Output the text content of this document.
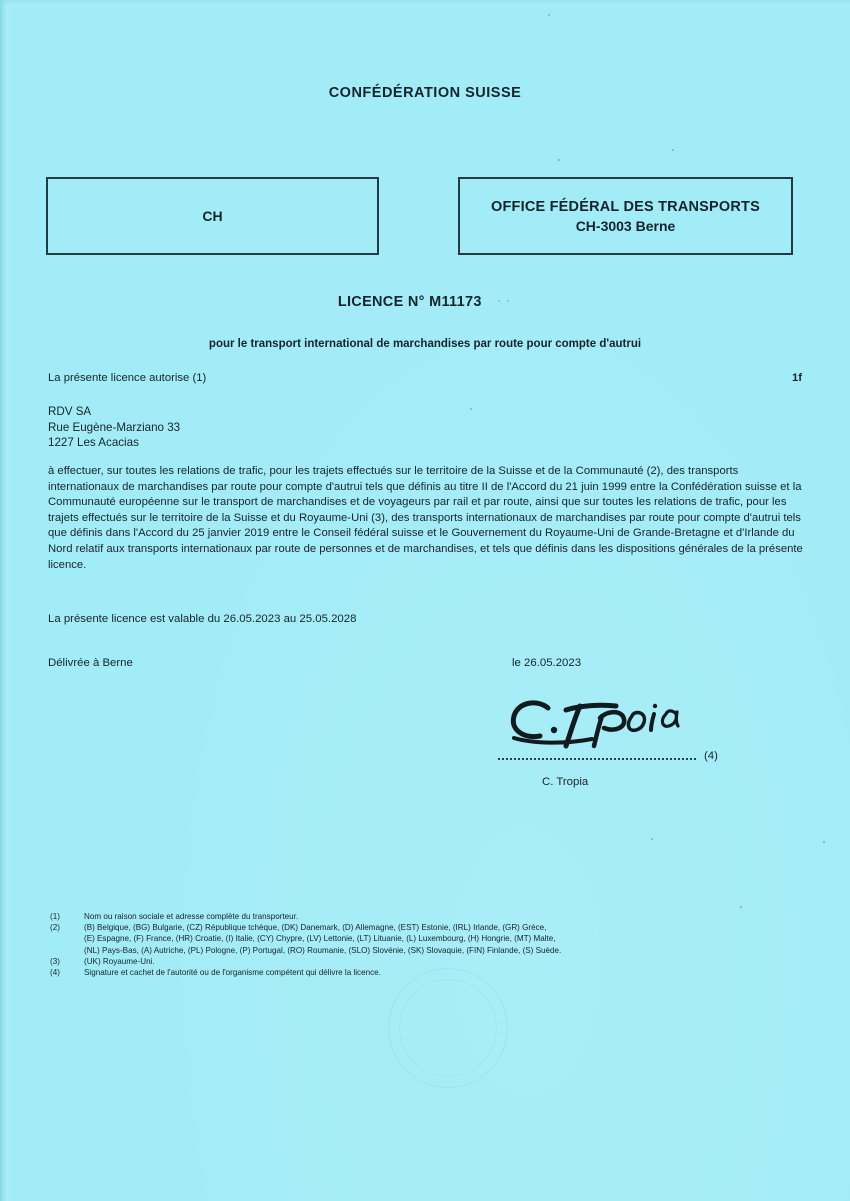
CONFÉDÉRATION SUISSE
CH
OFFICE FÉDÉRAL DES TRANSPORTS
CH-3003 Berne
LICENCE N° M11173 · ·
pour le transport international de marchandises par route pour compte d'autrui
La présente licence autorise (1)	1f
RDV SA
Rue Eugène-Marziano 33
1227 Les Acacias
à effectuer, sur toutes les relations de trafic, pour les trajets effectués sur le territoire de la Suisse et de la Communauté (2), des transports internationaux de marchandises par route pour compte d'autrui tels que définis au titre II de l'Accord du 21 juin 1999 entre la Confédération suisse et la Communauté européenne sur le transport de marchandises et de voyageurs par rail et par route, ainsi que sur toutes les relations de trafic, pour les trajets effectués sur le territoire de la Suisse et du Royaume-Uni (3), des transports internationaux de marchandises par route pour compte d'autrui tels que définis dans l'Accord du 25 janvier 2019 entre le Conseil fédéral suisse et le Gouvernement du Royaume-Uni de Grande-Bretagne et d'Irlande du Nord relatif aux transports internationaux par route de personnes et de marchandises, et tels que définis dans les dispositions générales de la présente licence.
La présente licence est valable du 26.05.2023 au 25.05.2028
Délivrée à Berne	le 26.05.2023
(4)
C. Tropia
(1)	Nom ou raison sociale et adresse complète du transporteur.
(2)	(B) Belgique, (BG) Bulgarie, (CZ) République tchèque, (DK) Danemark, (D) Allemagne, (EST) Estonie, (IRL) Irlande, (GR) Grèce,
(E) Espagne, (F) France, (HR) Croatie, (I) Italie, (CY) Chypre, (LV) Lettonie, (LT) Lituanie, (L) Luxembourg, (H) Hongrie, (MT) Malte,
(NL) Pays-Bas, (A) Autriche, (PL) Pologne, (P) Portugal, (RO) Roumanie, (SLO) Slovénie, (SK) Slovaquie, (FIN) Finlande, (S) Suède.
(3)	(UK) Royaume-Uni.
(4)	Signature et cachet de l'autorité ou de l'organisme compétent qui délivre la licence.
